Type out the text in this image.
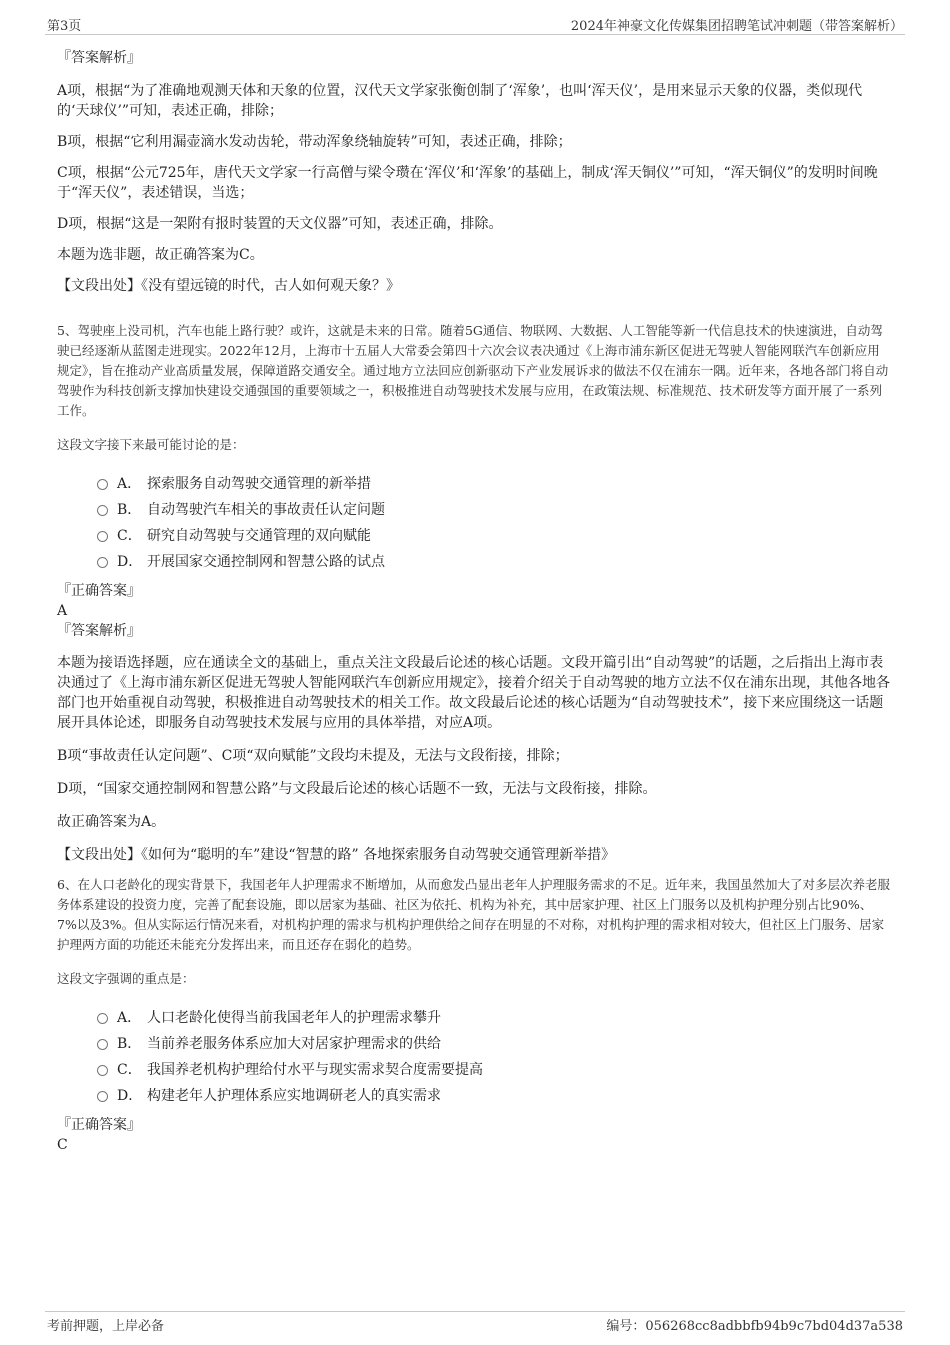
第3页	2024年神豪文化传媒集团招聘笔试冲刺题（带答案解析）
『答案解析』

A项，根据“为了准确地观测天体和天象的位置，汉代天文学家张衡创制了‘浑象’，也叫‘浑天仪’，是用来显示天象的仪器，类似现代的‘天球仪’”可知，表述正确，排除；

B项，根据“它利用漏壶滴水发动齿轮，带动浑象绕轴旋转”可知，表述正确，排除；

C项，根据“公元725年，唐代天文学家一行高僧与梁令瓒在‘浑仪’和‘浑象’的基础上，制成‘浑天铜仪’”可知，“浑天铜仪”的发明时间晚于“浑天仪”，表述错误，当选；

D项，根据“这是一架附有报时装置的天文仪器”可知，表述正确，排除。

本题为选非题，故正确答案为C。

【文段出处】《没有望远镜的时代，古人如何观天象？》

5、驾驶座上没司机，汽车也能上路行驶？或许，这就是未来的日常。随着5G通信、物联网、大数据、人工智能等新一代信息技术的快速演进，自动驾驶已经逐渐从蓝图走进现实。2022年12月，上海市十五届人大常委会第四十六次会议表决通过《上海市浦东新区促进无驾驶人智能网联汽车创新应用规定》，旨在推动产业高质量发展，保障道路交通安全。通过地方立法回应创新驱动下产业发展诉求的做法不仅在浦东一隅。近年来，各地各部门将自动驾驶作为科技创新支撑加快建设交通强国的重要领域之一，积极推进自动驾驶技术发展与应用，在政策法规、标准规范、技术研发等方面开展了一系列工作。

这段文字接下来最可能讨论的是：

A． 探索服务自动驾驶交通管理的新举措
B． 自动驾驶汽车相关的事故责任认定问题
C． 研究自动驾驶与交通管理的双向赋能
D． 开展国家交通控制网和智慧公路的试点
『正确答案』
A
『答案解析』

本题为接语选择题，应在通读全文的基础上，重点关注文段最后论述的核心话题。文段开篇引出“自动驾驶”的话题，之后指出上海市表决通过了《上海市浦东新区促进无驾驶人智能网联汽车创新应用规定》，接着介绍关于自动驾驶的地方立法不仅在浦东出现，其他各地各部门也开始重视自动驾驶，积极推进自动驾驶技术的相关工作。故文段最后论述的核心话题为“自动驾驶技术”，接下来应围绕这一话题展开具体论述，即服务自动驾驶技术发展与应用的具体举措，对应A项。

B项“事故责任认定问题”、C项“双向赋能”文段均未提及，无法与文段衔接，排除；

D项，“国家交通控制网和智慧公路”与文段最后论述的核心话题不一致，无法与文段衔接，排除。

故正确答案为A。

【文段出处】《如何为“聪明的车”建设“智慧的路” 各地探索服务自动驾驶交通管理新举措》

6、在人口老龄化的现实背景下，我国老年人护理需求不断增加，从而愈发凸显出老年人护理服务需求的不足。近年来，我国虽然加大了对多层次养老服务体系建设的投资力度，完善了配套设施，即以居家为基础、社区为依托、机构为补充，其中居家护理、社区上门服务以及机构护理分别占比90%、7%以及3%。但从实际运行情况来看，对机构护理的需求与机构护理供给之间存在明显的不对称，对机构护理的需求相对较大，但社区上门服务、居家护理两方面的功能还未能充分发挥出来，而且还存在弱化的趋势。

这段文字强调的重点是：

A． 人口老龄化使得当前我国老年人的护理需求攀升
B． 当前养老服务体系应加大对居家护理需求的供给
C． 我国养老机构护理给付水平与现实需求契合度需要提高
D． 构建老年人护理体系应实地调研老人的真实需求
『正确答案』
C
考前押题，上岸必备	编号：056268cc8adbbfb94b9c7bd04d37a538
